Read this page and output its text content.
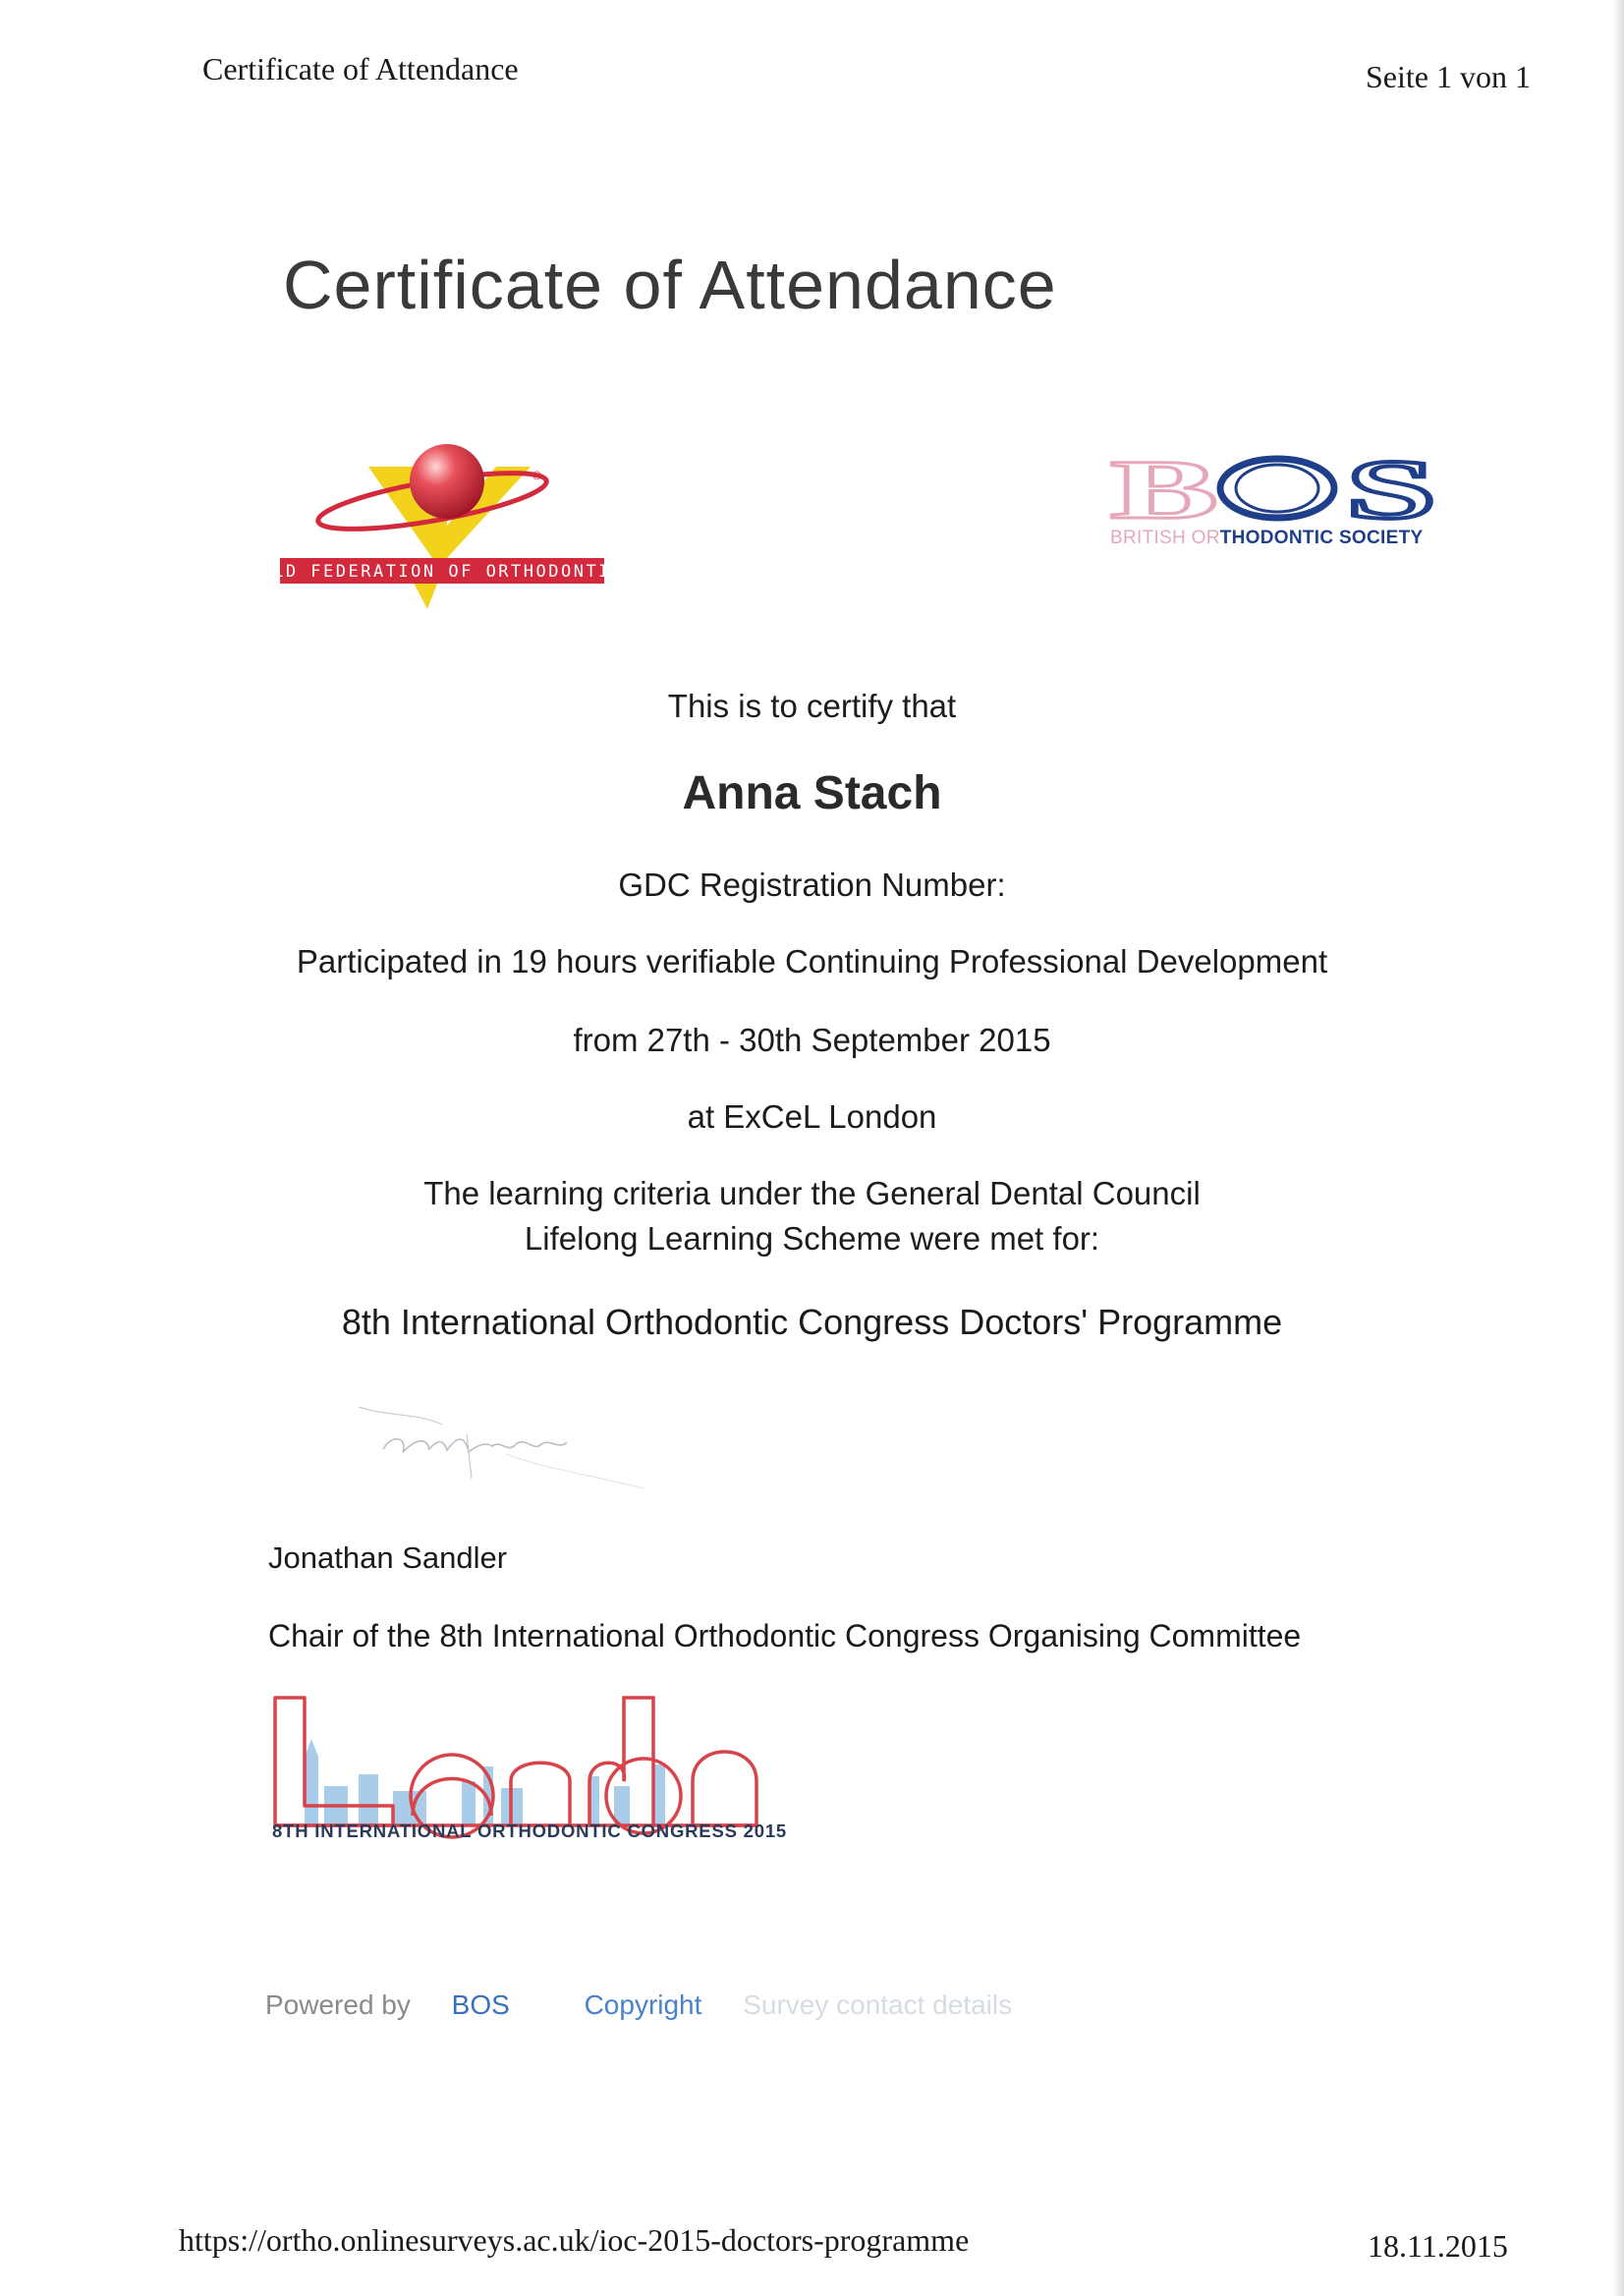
Certificate of Attendance	Seite 1 von 1
Certificate of Attendance
®
WORLD FEDERATION OF ORTHODONTISTS
B S
BRITISH ORTHODONTIC SOCIETY
This is to certify that
Anna Stach
GDC Registration Number:
Participated in 19 hours verifiable Continuing Professional Development
from 27th - 30th September 2015
at ExCeL London
The learning criteria under the General Dental Council
Lifelong Learning Scheme were met for:
8th International Orthodontic Congress Doctors' Programme
Jonathan Sandler
Chair of the 8th International Orthodontic Congress Organising Committee
8TH INTERNATIONAL ORTHODONTIC CONGRESS 2015
Powered by BOS	Copyright Survey contact details
https://ortho.onlinesurveys.ac.uk/ioc-2015-doctors-programme	18.11.2015
